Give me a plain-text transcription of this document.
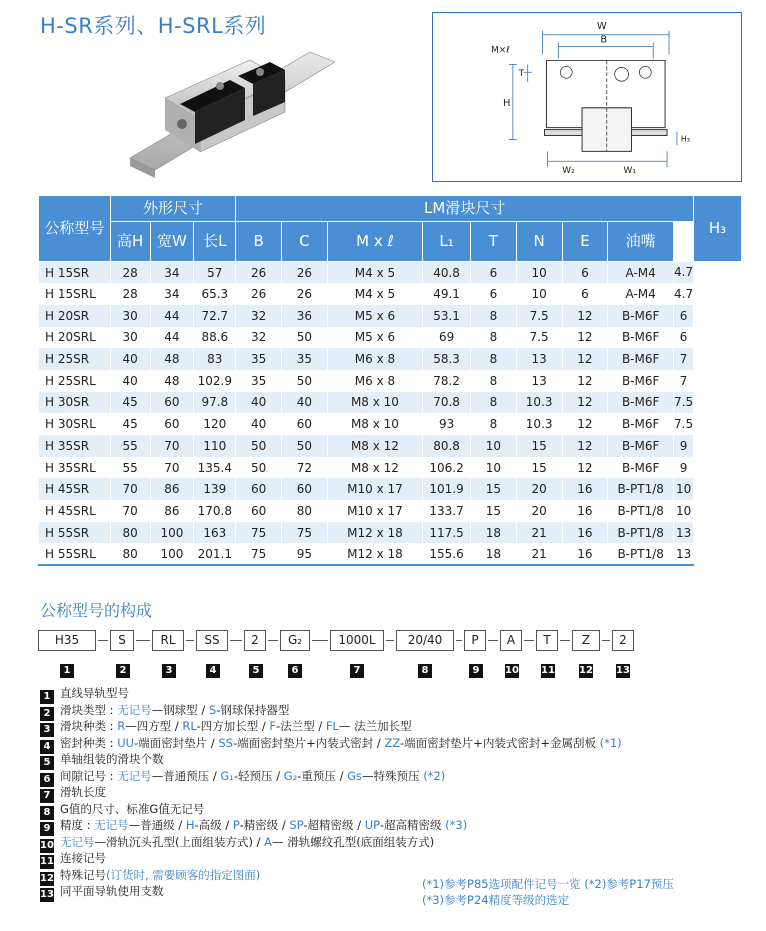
H-SR系列、H-SRL系列	W
B
M×ℓ
T
H
H₃
W₂	W₁
公称型号	外形尺寸			LM滑块尺寸									H₃
	高H	宽W	长L	B	C	M x ℓ	L₁	T	N	E	油嘴		
H 15SR	28	34	57	26	26	M4 x 5	40.8	6	10	6	A-M4	4.7	
H 15SRL	28	34	65.3	26	26	M4 x 5	49.1	6	10	6	A-M4	4.7	
H 20SR	30	44	72.7	32	36	M5 x 6	53.1	8	7.5	12	B-M6F	6	
H 20SRL	30	44	88.6	32	50	M5 x 6	69	8	7.5	12	B-M6F	6	
H 25SR	40	48	83	35	35	M6 x 8	58.3	8	13	12	B-M6F	7	
H 25SRL	40	48	102.9	35	50	M6 x 8	78.2	8	13	12	B-M6F	7	
H 30SR	45	60	97.8	40	40	M8 x 10	70.8	8	10.3	12	B-M6F	7.5	
H 30SRL	45	60	120	40	60	M8 x 10	93	8	10.3	12	B-M6F	7.5	
H 35SR	55	70	110	50	50	M8 x 12	80.8	10	15	12	B-M6F	9	
H 35SRL	55	70	135.4	50	72	M8 x 12	106.2	10	15	12	B-M6F	9	
H 45SR	70	86	139	60	60	M10 x 17	101.9	15	20	16	B-PT1/8	10	
H 45SRL	70	86	170.8	60	80	M10 x 17	133.7	15	20	16	B-PT1/8	10	
H 55SR	80	100	163	75	75	M12 x 18	117.5	18	21	16	B-PT1/8	13	
H 55SRL	80	100	201.1	75	95	M12 x 18	155.6	18	21	16	B-PT1/8	13	
公称型号的构成
H35
1
S
2
RL
3
SS
4
2
5
G₂
6
1000L
7
20/40
8
P
9
A
10
T
11
Z
12
2
13
1 直线导轨型号
2 滑块类型 : 无记号—钢球型 / S-钢球保持器型
3 滑块种类 : R—四方型 / RL-四方加长型 / F-法兰型 / FL— 法兰加长型
4 密封种类 : UU-端面密封垫片 / SS-端面密封垫片+内装式密封 / ZZ-端面密封垫片+内装式密封+金属刮板 (*1)
5 单轴组装的滑块个数
6 间隙记号 : 无记号—普通预压 / G₁-轻预压 / G₂-重预压 / Gs—特殊预压 (*2)
7 滑轨长度
8 G值的尺寸、标准G值无记号
9 精度 : 无记号—普通级 / H-高级 / P-精密级 / SP-超精密级 / UP-超高精密级 (*3)
10 无记号—滑轨沉头孔型(上面组装方式) / A— 滑轨螺纹孔型(底面组装方式)
11 连接记号
12 特殊记号(订货时, 需要顾客的指定图面)
13 同平面导轨使用支数	(*1)参考P85选项配件记号一览 (*2)参考P17预压
(*3)参考P24精度等级的选定
